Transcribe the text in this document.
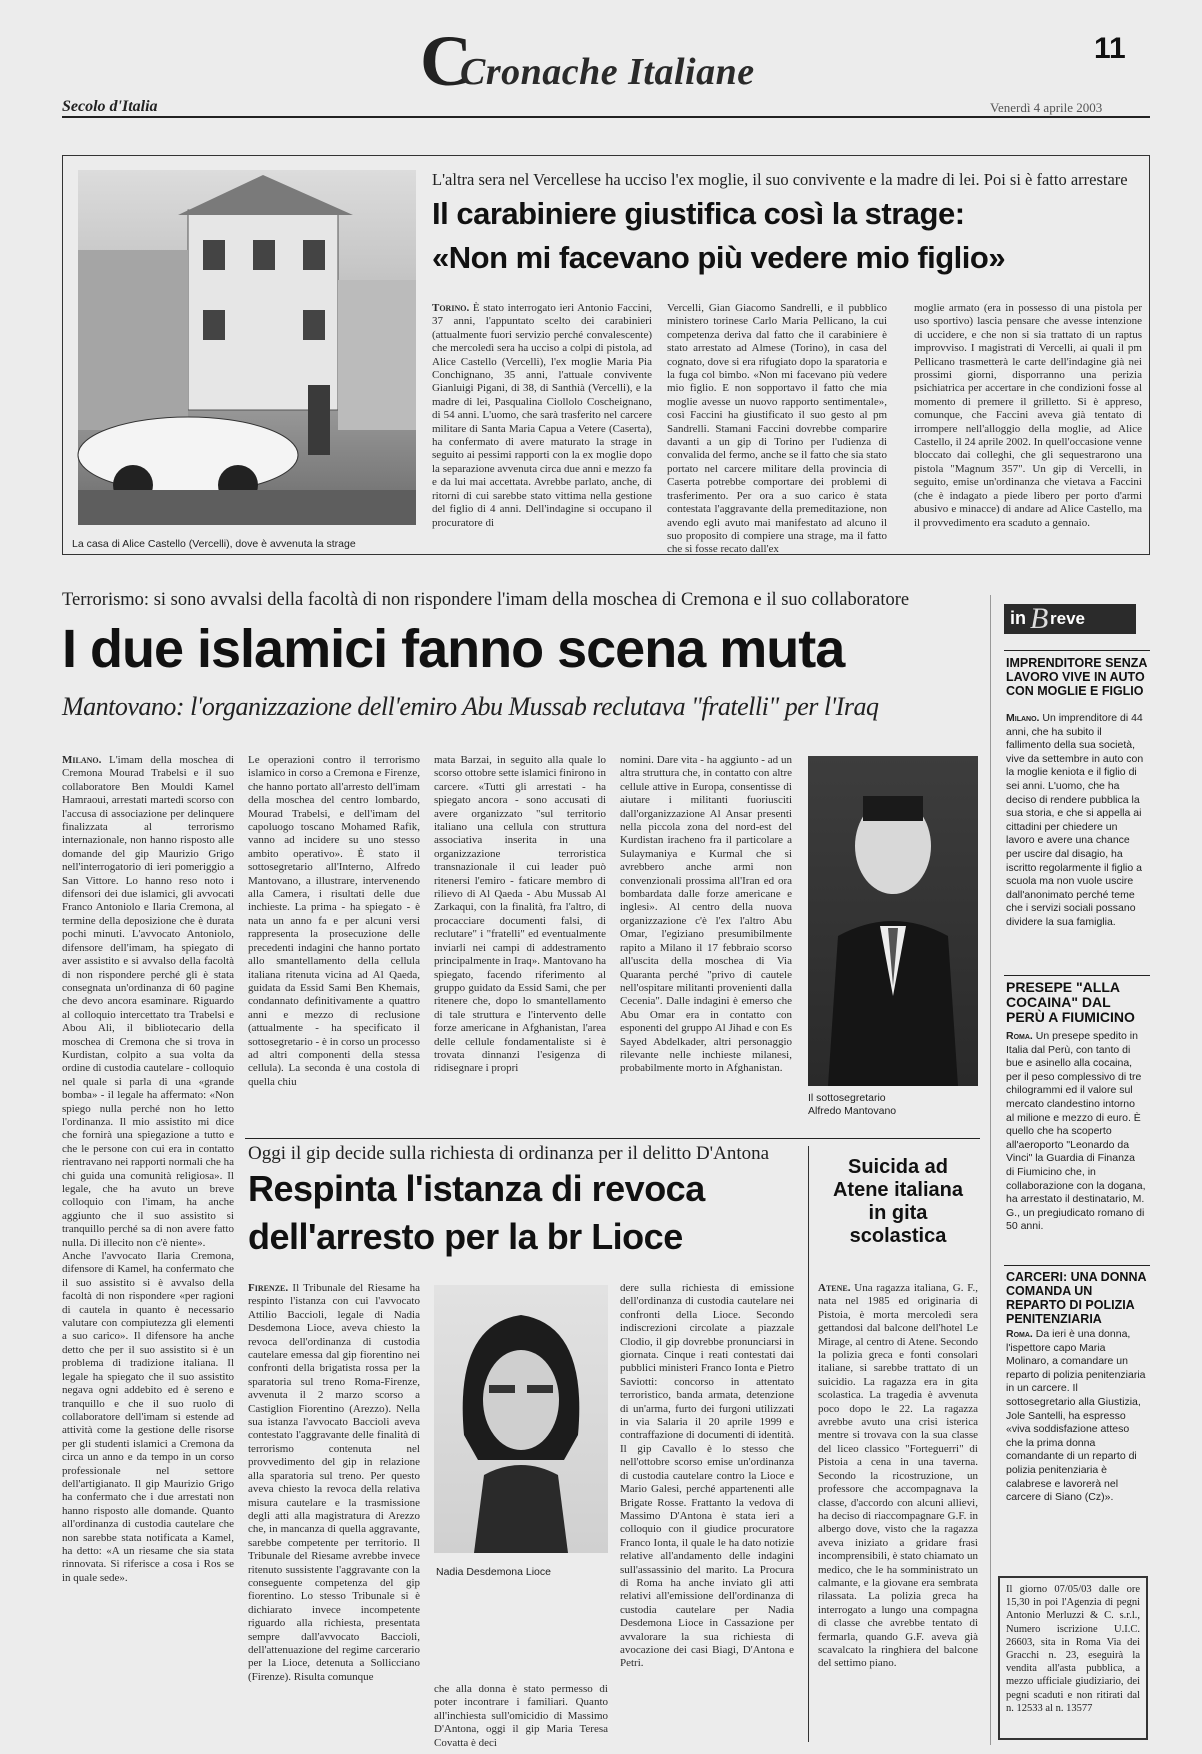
C
Cronache Italiane
11
Secolo d'Italia	Venerdì 4 aprile 2003
La casa di Alice Castello (Vercelli), dove è avvenuta la strage
L'altra sera nel Vercellese ha ucciso l'ex moglie, il suo convivente e la madre di lei. Poi si è fatto arrestare
Il carabiniere giustifica così la strage:
«Non mi facevano più vedere mio figlio»
Torino. È stato interrogato ieri Antonio Faccini, 37 anni, l'appuntato scelto dei carabinieri (attualmente fuori servizio perché convalescente) che mercoledì sera ha ucciso a colpi di pistola, ad Alice Castello (Vercelli), l'ex moglie Maria Pia Conchignano, 35 anni, l'attuale convivente Gianluigi Pigani, di 38, di Santhià (Vercelli), e la madre di lei, Pasqualina Ciollolo Coscheignano, di 54 anni. L'uomo, che sarà trasferito nel carcere militare di Santa Maria Capua a Vetere (Caserta), ha confermato di avere maturato la strage in seguito ai pessimi rapporti con la ex moglie dopo la separazione avvenuta circa due anni e mezzo fa e da lui mai accettata. Avrebbe parlato, anche, di ritorni di cui sarebbe stato vittima nella gestione del figlio di 4 anni. Dell'indagine si occupano il procuratore di
Vercelli, Gian Giacomo Sandrelli, e il pubblico ministero torinese Carlo Maria Pellicano, la cui competenza deriva dal fatto che il carabiniere è stato arrestato ad Almese (Torino), in casa del cognato, dove si era rifugiato dopo la sparatoria e la fuga col bimbo. «Non mi facevano più vedere mio figlio. E non sopportavo il fatto che mia moglie avesse un nuovo rapporto sentimentale», così Faccini ha giustificato il suo gesto al pm Sandrelli. Stamani Faccini dovrebbe comparire davanti a un gip di Torino per l'udienza di convalida del fermo, anche se il fatto che sia stato portato nel carcere militare della provincia di Caserta potrebbe comportare dei problemi di trasferimento. Per ora a suo carico è stata contestata l'aggravante della premeditazione, non avendo egli avuto mai manifestato ad alcuno il suo proposito di compiere una strage, ma il fatto che si fosse recato dall'ex
moglie armato (era in possesso di una pistola per uso sportivo) lascia pensare che avesse intenzione di uccidere, e che non si sia trattato di un raptus improvviso. I magistrati di Vercelli, ai quali il pm Pellicano trasmetterà le carte dell'indagine già nei prossimi giorni, disporranno una perizia psichiatrica per accertare in che condizioni fosse al momento di premere il grilletto. Si è appreso, comunque, che Faccini aveva già tentato di irrompere nell'alloggio della moglie, ad Alice Castello, il 24 aprile 2002. In quell'occasione venne bloccato dai colleghi, che gli sequestrarono una pistola "Magnum 357". Un gip di Vercelli, in seguito, emise un'ordinanza che vietava a Faccini (che è indagato a piede libero per porto d'armi abusivo e minacce) di andare ad Alice Castello, ma il provvedimento era scaduto a gennaio.
Terrorismo: si sono avvalsi della facoltà di non rispondere l'imam della moschea di Cremona e il suo collaboratore
I due islamici fanno scena muta
Mantovano: l'organizzazione dell'emiro Abu Mussab reclutava "fratelli" per l'Iraq
Milano. L'imam della moschea di Cremona Mourad Trabelsi e il suo collaboratore Ben Mouldi Kamel Hamraoui, arrestati martedì scorso con l'accusa di associazione per delinquere finalizzata al terrorismo internazionale, non hanno risposto alle domande del gip Maurizio Grigo nell'interrogatorio di ieri pomeriggio a San Vittore. Lo hanno reso noto i difensori dei due islamici, gli avvocati Franco Antoniolo e Ilaria Cremona, al termine della deposizione che è durata pochi minuti. L'avvocato Antoniolo, difensore dell'imam, ha spiegato di aver assistito e si avvalso della facoltà di non rispondere perché gli è stata consegnata un'ordinanza di 60 pagine che devo ancora esaminare. Riguardo al colloquio intercettato tra Trabelsi e Abou Ali, il bibliotecario della moschea di Cremona che si trova in Kurdistan, colpito a sua volta da ordine di custodia cautelare - colloquio nel quale si parla di una «grande bomba» - il legale ha affermato: «Non spiego nulla perché non ho letto l'ordinanza. Il mio assistito mi dice che fornirà una spiegazione a tutto e che le persone con cui era in contatto rientravano nei rapporti normali che ha chi guida una comunità religiosa». Il legale, che ha avuto un breve colloquio con l'imam, ha anche aggiunto che il suo assistito si tranquillo perché sa di non avere fatto nulla. Di illecito non c'è niente».
Anche l'avvocato Ilaria Cremona, difensore di Kamel, ha confermato che il suo assistito si è avvalso della facoltà di non rispondere «per ragioni di cautela in quanto è necessario valutare con compiutezza gli elementi a suo carico». Il difensore ha anche detto che per il suo assistito si è un problema di tradizione italiana. Il legale ha spiegato che il suo assistito negava ogni addebito ed è sereno e tranquillo e che il suo ruolo di collaboratore dell'imam si estende ad attività come la gestione delle risorse per gli studenti islamici a Cremona da circa un anno e da tempo in un corso professionale nel settore dell'artigianato. Il gip Maurizio Grigo ha confermato che i due arrestati non hanno risposto alle domande. Quanto all'ordinanza di custodia cautelare che non sarebbe stata notificata a Kamel, ha detto: «A un riesame che sia stata rinnovata. Si riferisce a cosa i Ros se in quale sede».
Le operazioni contro il terrorismo islamico in corso a Cremona e Firenze, che hanno portato all'arresto dell'imam della moschea del centro lombardo, Mourad Trabelsi, e dell'imam del capoluogo toscano Mohamed Rafik, vanno ad incidere su uno stesso ambito operativo». È stato il sottosegretario all'Interno, Alfredo Mantovano, a illustrare, intervenendo alla Camera, i risultati delle due inchieste. La prima - ha spiegato - è nata un anno fa e per alcuni versi rappresenta la prosecuzione delle precedenti indagini che hanno portato allo smantellamento della cellula italiana ritenuta vicina ad Al Qaeda, guidata da Essid Sami Ben Khemais, condannato definitivamente a quattro anni e mezzo di reclusione (attualmente - ha specificato il sottosegretario - è in corso un processo ad altri componenti della stessa cellula). La seconda è una costola di quella chiu
mata Barzai, in seguito alla quale lo scorso ottobre sette islamici finirono in carcere. «Tutti gli arrestati - ha spiegato ancora - sono accusati di avere organizzato "sul territorio italiano una cellula con struttura associativa inserita in una organizzazione terroristica transnazionale il cui leader può ritenersi l'emiro - faticare membro di rilievo di Al Qaeda - Abu Mussab Al Zarkaqui, con la finalità, fra l'altro, di procacciare documenti falsi, di reclutare" i "fratelli" ed eventualmente inviarli nei campi di addestramento principalmente in Iraq». Mantovano ha spiegato, facendo riferimento al gruppo guidato da Essid Sami, che per ritenere che, dopo lo smantellamento di tale struttura e l'intervento delle forze americane in Afghanistan, l'area delle cellule fondamentaliste si è trovata dinnanzi l'esigenza di ridisegnare i propri
nomini. Dare vita - ha aggiunto - ad un altra struttura che, in contatto con altre cellule attive in Europa, consentisse di aiutare i militanti fuoriusciti dall'organizzazione Al Ansar presenti nella piccola zona del nord-est del Kurdistan iracheno fra il particolare a Sulaymaniya e Kurmal che si avrebbero anche armi non convenzionali prossima all'Iran ed ora bombardata dalle forze americane e inglesi». Al centro della nuova organizzazione c'è l'ex l'altro Abu Omar, l'egiziano presumibilmente rapito a Milano il 17 febbraio scorso all'uscita della moschea di Via Quaranta perché "privo di cautele nell'ospitare militanti provenienti dalla Cecenia". Dalle indagini è emerso che Abu Omar era in contatto con esponenti del gruppo Al Jihad e con Es Sayed Abdelkader, altri personaggio rilevante nelle inchieste milanesi, probabilmente morto in Afghanistan.
Il sottosegretario
Alfredo Mantovano
Oggi il gip decide sulla richiesta di ordinanza per il delitto D'Antona
Respinta l'istanza di revoca
dell'arresto per la br Lioce
Firenze. Il Tribunale del Riesame ha respinto l'istanza con cui l'avvocato Attilio Baccioli, legale di Nadia Desdemona Lioce, aveva chiesto la revoca dell'ordinanza di custodia cautelare emessa dal gip fiorentino nei confronti della brigatista rossa per la sparatoria sul treno Roma-Firenze, avvenuta il 2 marzo scorso a Castiglion Fiorentino (Arezzo). Nella sua istanza l'avvocato Baccioli aveva contestato l'aggravante delle finalità di terrorismo contenuta nel provvedimento del gip in relazione alla sparatoria sul treno. Per questo aveva chiesto la revoca della relativa misura cautelare e la trasmissione degli atti alla magistratura di Arezzo che, in mancanza di quella aggravante, sarebbe competente per territorio. Il Tribunale del Riesame avrebbe invece ritenuto sussistente l'aggravante con la conseguente competenza del gip fiorentino. Lo stesso Tribunale si è dichiarato invece incompetente riguardo alla richiesta, presentata sempre dall'avvocato Baccioli, dell'attenuazione del regime carcerario per la Lioce, detenuta a Sollicciano (Firenze). Risulta comunque
Nadia Desdemona Lioce
che alla donna è stato permesso di poter incontrare i familiari. Quanto all'inchiesta sull'omicidio di Massimo D'Antona, oggi il gip Maria Teresa Covatta è deci
dere sulla richiesta di emissione dell'ordinanza di custodia cautelare nei confronti della Lioce. Secondo indiscrezioni circolate a piazzale Clodio, il gip dovrebbe pronunciarsi in giornata. Cinque i reati contestati dai pubblici ministeri Franco Ionta e Pietro Saviotti: concorso in attentato terroristico, banda armata, detenzione di un'arma, furto dei furgoni utilizzati in via Salaria il 20 aprile 1999 e contraffazione di documenti di identità. Il gip Cavallo è lo stesso che nell'ottobre scorso emise un'ordinanza di custodia cautelare contro la Lioce e Mario Galesi, perché appartenenti alle Brigate Rosse. Frattanto la vedova di Massimo D'Antona è stata ieri a colloquio con il giudice procuratore Franco Ionta, il quale le ha dato notizie relative all'andamento delle indagini sull'assassinio del marito. La Procura di Roma ha anche inviato gli atti relativi all'emissione dell'ordinanza di custodia cautelare per Nadia Desdemona Lioce in Cassazione per avvalorare la sua richiesta di avocazione dei casi Biagi, D'Antona e Petri.
Suicida ad Atene italiana in gita scolastica
Atene. Una ragazza italiana, G. F., nata nel 1985 ed originaria di Pistoia, è morta mercoledì sera gettandosi dal balcone dell'hotel Le Mirage, al centro di Atene. Secondo la polizia greca e fonti consolari italiane, si sarebbe trattato di un suicidio. La ragazza era in gita scolastica. La tragedia è avvenuta poco dopo le 22. La ragazza avrebbe avuto una crisi isterica mentre si trovava con la sua classe del liceo classico "Forteguerri" di Pistoia a cena in una taverna. Secondo la ricostruzione, un professore che accompagnava la classe, d'accordo con alcuni allievi, ha deciso di riaccompagnare G.F. in albergo dove, visto che la ragazza aveva iniziato a gridare frasi incomprensibili, è stato chiamato un medico, che le ha somministrato un calmante, e la giovane era sembrata rilassata. La polizia greca ha interrogato a lungo una compagna di classe che avrebbe tentato di fermarla, quando G.F. aveva già scavalcato la ringhiera del balcone del settimo piano.
in B reve
IMPRENDITORE SENZA LAVORO VIVE IN AUTO CON MOGLIE E FIGLIO
Milano. Un imprenditore di 44 anni, che ha subito il fallimento della sua società, vive da settembre in auto con la moglie keniota e il figlio di sei anni. L'uomo, che ha deciso di rendere pubblica la sua storia, e che si appella ai cittadini per chiedere un lavoro e avere una chance per uscire dal disagio, ha iscritto regolarmente il figlio a scuola ma non vuole uscire dall'anonimato perché teme che i servizi sociali possano dividere la sua famiglia.
PRESEPE "ALLA COCAINA" DAL PERÙ A FIUMICINO
Roma. Un presepe spedito in Italia dal Perù, con tanto di bue e asinello alla cocaina, per il peso complessivo di tre chilogrammi ed il valore sul mercato clandestino intorno al milione e mezzo di euro. È quello che ha scoperto all'aeroporto "Leonardo da Vinci" la Guardia di Finanza di Fiumicino che, in collaborazione con la dogana, ha arrestato il destinatario, M. G., un pregiudicato romano di 50 anni.
CARCERI: UNA DONNA COMANDA UN REPARTO DI POLIZIA PENITENZIARIA
Roma. Da ieri è una donna, l'ispettore capo Maria Molinaro, a comandare un reparto di polizia penitenziaria in un carcere. Il sottosegretario alla Giustizia, Jole Santelli, ha espresso «viva soddisfazione atteso che la prima donna comandante di un reparto di polizia penitenziaria è calabrese e lavorerà nel carcere di Siano (Cz)».
Il giorno 07/05/03 dalle ore 15,30 in poi l'Agenzia di pegni Antonio Merluzzi & C. s.r.l., Numero iscrizione U.I.C. 26603, sita in Roma Via dei Gracchi n. 23, eseguirà la vendita all'asta pubblica, a mezzo ufficiale giudiziario, dei pegni scaduti e non ritirati dal n. 12533 al n. 13577
